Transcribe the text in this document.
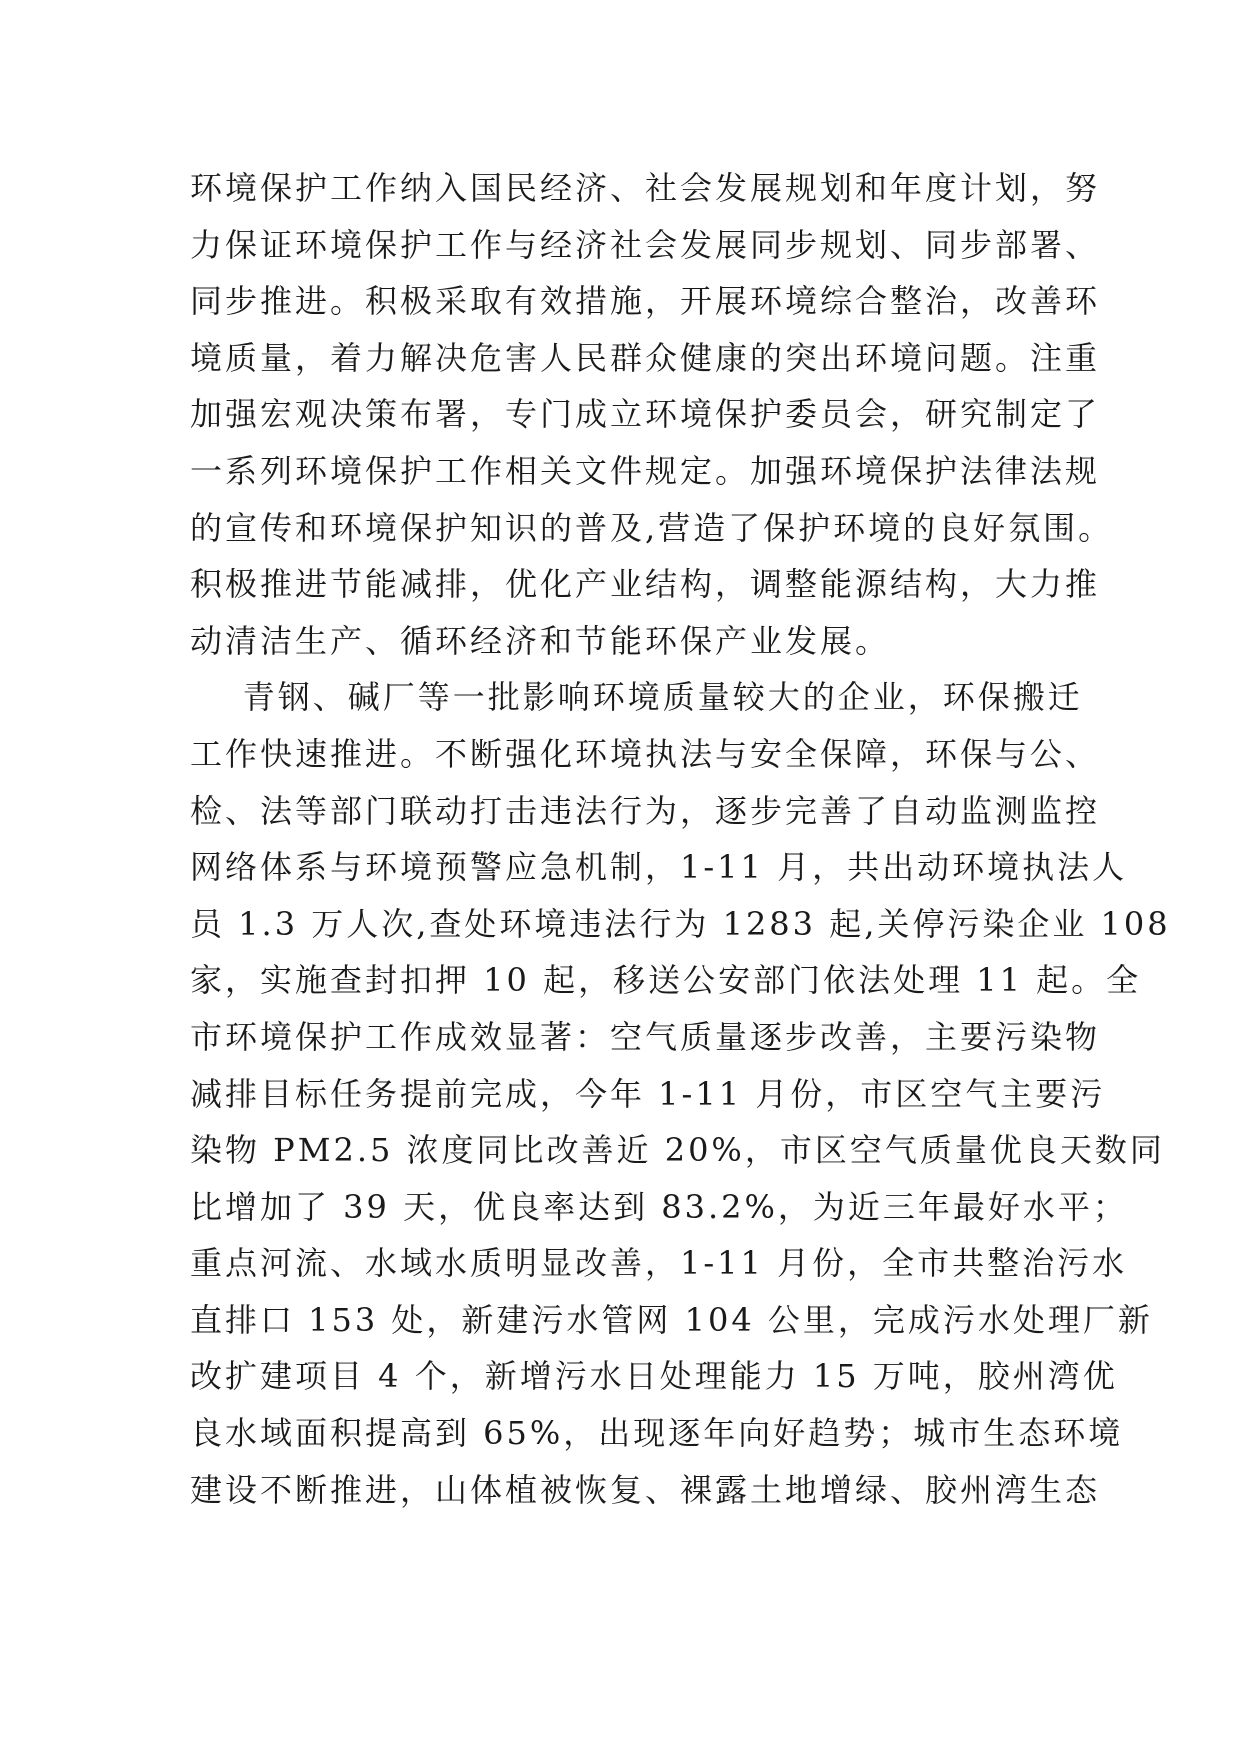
环境保护工作纳入国民经济、社会发展规划和年度计划，努
力保证环境保护工作与经济社会发展同步规划、同步部署、
同步推进。积极采取有效措施，开展环境综合整治，改善环
境质量，着力解决危害人民群众健康的突出环境问题。注重
加强宏观决策布署，专门成立环境保护委员会，研究制定了
一系列环境保护工作相关文件规定。加强环境保护法律法规
的宣传和环境保护知识的普及,营造了保护环境的良好氛围。
积极推进节能减排，优化产业结构，调整能源结构，大力推
动清洁生产、循环经济和节能环保产业发展。
青钢、碱厂等一批影响环境质量较大的企业，环保搬迁
工作快速推进。不断强化环境执法与安全保障，环保与公、
检、法等部门联动打击违法行为，逐步完善了自动监测监控
网络体系与环境预警应急机制，1-11 月，共出动环境执法人
员 1.3 万人次,查处环境违法行为 1283 起,关停污染企业 108
家，实施查封扣押 10 起，移送公安部门依法处理 11 起。全
市环境保护工作成效显著：空气质量逐步改善，主要污染物
减排目标任务提前完成，今年 1-11 月份，市区空气主要污
染物 PM2.5 浓度同比改善近 20%，市区空气质量优良天数同
比增加了 39 天，优良率达到 83.2%，为近三年最好水平；
重点河流、水域水质明显改善，1-11 月份，全市共整治污水
直排口 153 处，新建污水管网 104 公里，完成污水处理厂新
改扩建项目 4 个，新增污水日处理能力 15 万吨，胶州湾优
良水域面积提高到 65%，出现逐年向好趋势；城市生态环境
建设不断推进，山体植被恢复、裸露土地增绿、胶州湾生态
